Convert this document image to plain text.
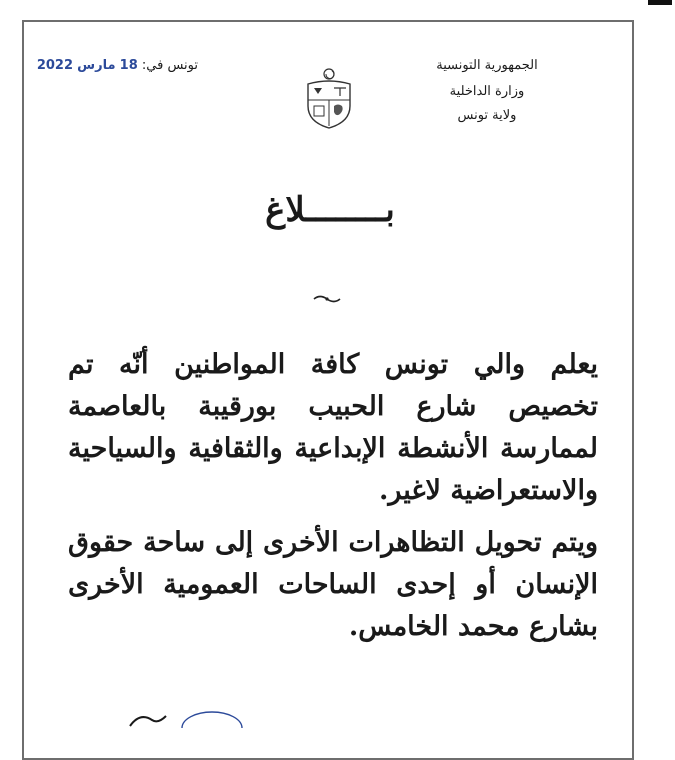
الجمهورية التونسية
وزارة الداخلية
ولاية تونس
تونس في: 18 مارس 2022
بــــــــلاغ

يعلم والي تونس كافة المواطنين أنّه تم تخصيص شارع الحبيب بورقيبة بالعاصمة لممارسة الأنشطة الإبداعية والثقافية والسياحية والاستعراضية لاغير.

ويتم تحويل التظاهرات الأخرى إلى ساحة حقوق الإنسان أو إحدى الساحات العمومية الأخرى بشارع محمد الخامس.
